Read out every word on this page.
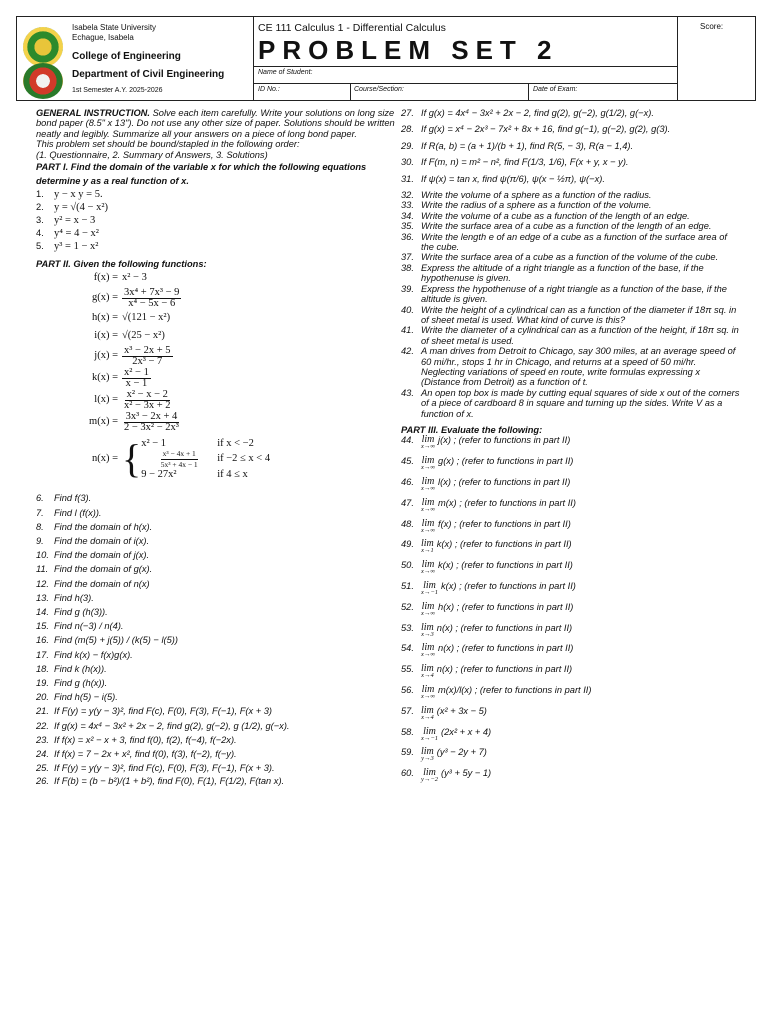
Isabela State University
Echague, Isabela
College of Engineering
Department of Civil Engineering
1st Semester A.Y. 2025-2026
CE 111 Calculus 1 - Differential Calculus
PROBLEM SET 2
Name of Student:
ID No.:	Course/Section:	Date of Exam:
Score:
GENERAL INSTRUCTION. Solve each item carefully. Write your solutions on long size bond paper (8.5" x 13"). Do not use any other size of paper. Solutions should be written neatly and legibly. Summarize all your answers on a piece of long bond paper.
This problem set should be bound/stapled in the following order:
(1. Questionnaire, 2. Summary of Answers, 3. Solutions)
PART I. Find the domain of the variable x for which the following equations determine y as a real function of x.
1. y − x y = 5.
2. y = √(4 − x²)
3. y² = x − 3
4. y⁴ = 4 − x²
5. y³ = 1 − x²
PART II. Given the following functions:
f(x) = x² − 3
$g(x) = \frac{\text{3x⁴ + 7x³ − 9}}{\text{x⁴ − 5x − 6}}$
h(x) = √(121 − x²)
i(x) = √(25 − x²)
$j(x) = \frac{\text{x³ − 2x + 5}}{\text{2x³ − 7}}$
$k(x) = \frac{\text{x² − 1}}{x - 1}$
$l(x) = \frac{\text{x² − x − 2}}{\text{x² − 3x + 2}}$
$m(x) = \frac{\text{3x³ − 2x + 4}}{\text{2 − 3x² − 2x³}}$
n(x) = { x² − 1	if x < −2
$\frac{\text{x³ − 4x + 1}}{\text{5x³ + 4x − 1}}$ if −2 ≤ x < 4
9 − 27x²	if 4 ≤ x
6.	Find f(3).
7.	Find l (f(x)).
8.	Find the domain of h(x).
9.	Find the domain of i(x).
10. Find the domain of j(x).
11. Find the domain of g(x).
12. Find the domain of n(x)
13. Find h(3).
14. Find g (h(3)).
15. Find n(−3) / n(4).
16. Find (m(5) + j(5)) / (k(5) − l(5))
17. Find k(x) − f(x)g(x).
18. Find k (h(x)).
19. Find g (h(x)).
20. Find h(5) − i(5).
21. If F(y) = y(y − 3)², find F(c), F(0), F(3), F(−1), F(x + 3)
22. If g(x) = 4x⁴ − 3x² + 2x − 2, find g(2), g(−2), g (1/2), g(−x).
23. If f(x) = x² − x + 3, find f(0), f(2), f(−4), f(−2x).
24. If f(x) = 7 − 2x + x², find f(0), f(3), f(−2), f(−y).
25. If F(y) = y(y − 3)², find F(c), F(0), F(3), F(−1), F(x + 3).
26. If F(b) = (b − b²)/(1 + b²), find F(0), F(1), F(1/2), F(tan x).
27. If g(x) = 4x⁴ − 3x² + 2x − 2, find g(2), g(−2), g(1/2), g(−x).
28. If g(x) = x⁴ − 2x³ − 7x² + 8x + 16, find g(−1), g(−2), g(2), g(3).
29. If R(a, b) = (a + 1)/(b + 1), find R(5, − 3), R(a − 1,4).
30. If F(m, n) = m² − n², find F(1/3, 1/6), F(x + y, x − y).
31. If ψ(x) = tan x, find ψ(π/6), ψ(x − ½π), ψ(−x).
32. Write the volume of a sphere as a function of the radius.
33. Write the radius of a sphere as a function of the volume.
34. Write the volume of a cube as a function of the length of an edge.
35. Write the surface area of a cube as a function of the length of an edge.
36. Write the length e of an edge of a cube as a function of the surface area of the cube.
37. Write the surface area of a cube as a function of the volume of the cube.
38. Express the altitude of a right triangle as a function of the base, if the hypothenuse is given.
39. Express the hypothenuse of a right triangle as a function of the base, if the altitude is given.
40. Write the height of a cylindrical can as a function of the diameter if 18π sq. in of sheet metal is used. What kind of curve is this?
41. Write the diameter of a cylindrical can as a function of the height, if 18π sq. in of sheet metal is used.
42. A man drives from Detroit to Chicago, say 300 miles, at an average speed of 60 mi/hr., stops 1 hr in Chicago, and returns at a speed of 50 mi/hr. Neglecting variations of speed en route, write formulas expressing x (Distance from Detroit) as a function of t.
43. An open top box is made by cutting equal squares of side x out of the corners of a piece of cardboard 8 in square and turning up the sides. Write V as a function of x.
PART III. Evaluate the following:
44. lim
x→∞
j(x) ; (refer to functions in part II)
45. lim
x→∞
g(x) ; (refer to functions in part II)
46. lim
x→∞
l(x) ; (refer to functions in part II)
47. lim
x→∞
m(x) ; (refer to functions in part II)
48. lim
x→∞
f(x) ; (refer to functions in part II)
49. lim
x→1
k(x) ; (refer to functions in part II)
50. lim
x→∞
k(x) ; (refer to functions in part II)
51. lim
x→−1
k(x) ; (refer to functions in part II)
52. lim
x→∞
h(x) ; (refer to functions in part II)
53. lim
x→3
n(x) ; (refer to functions in part II)
54. lim
x→∞
n(x) ; (refer to functions in part II)
55. lim
x→4
n(x) ; (refer to functions in part II)
56. lim
x→∞
m(x)/l(x) ; (refer to functions in part II)
57. lim
x→4
(x² + 3x − 5)
58. lim
x→−1
(2x² + x + 4)
59. lim
y→3
(y³ − 2y + 7)
60. lim
y→−2
(y³ + 5y − 1)
